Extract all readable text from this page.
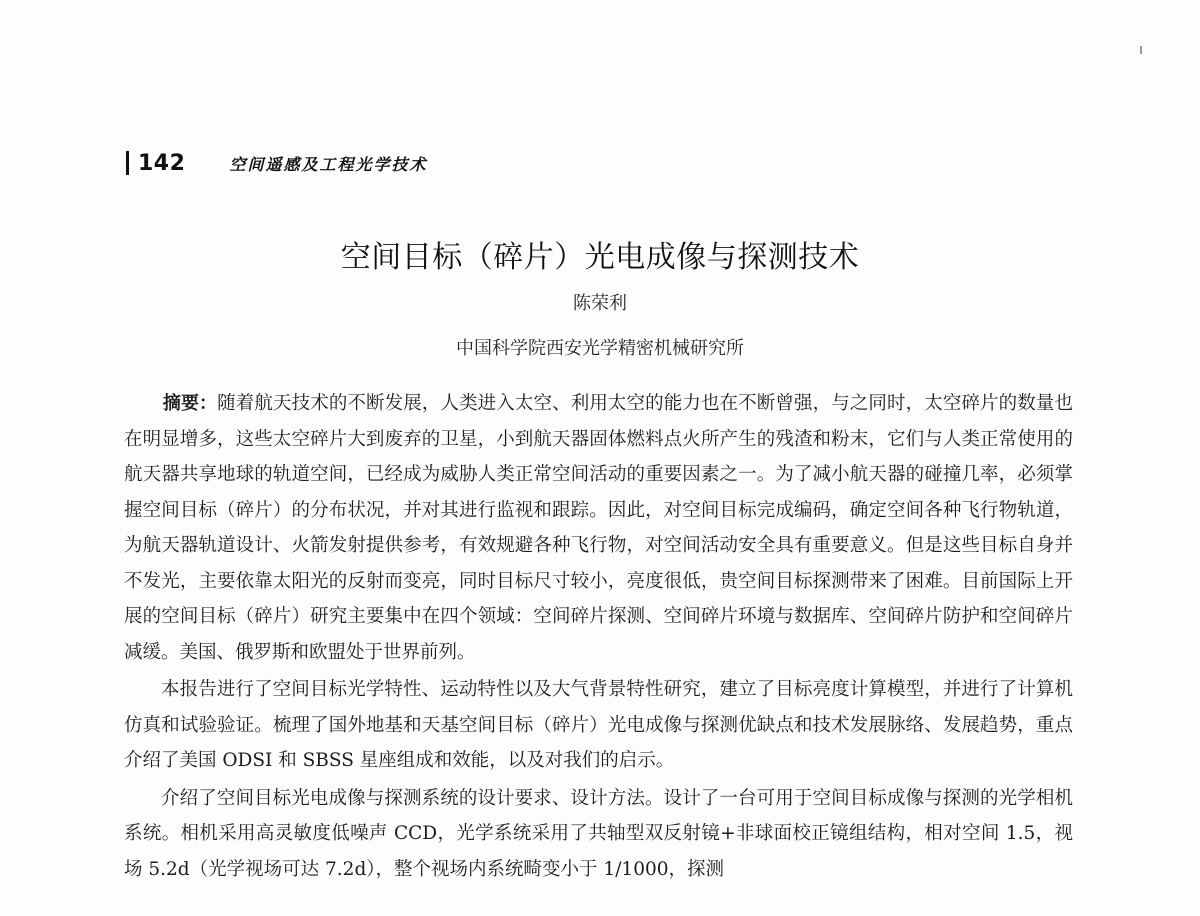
142	空间遥感及工程光学技术
空间目标（碎片）光电成像与探测技术
陈荣利
中国科学院西安光学精密机械研究所

摘要：随着航天技术的不断发展，人类进入太空、利用太空的能力也在不断曾强，与之同时，太空碎片的数量也在明显增多，这些太空碎片大到废弃的卫星，小到航天器固体燃料点火所产生的残渣和粉末，它们与人类正常使用的航天器共享地球的轨道空间，已经成为威胁人类正常空间活动的重要因素之一。为了减小航天器的碰撞几率，必须掌握空间目标（碎片）的分布状况，并对其进行监视和跟踪。因此，对空间目标完成编码，确定空间各种飞行物轨道，为航天器轨道设计、火箭发射提供参考，有效规避各种飞行物，对空间活动安全具有重要意义。但是这些目标自身并不发光，主要依靠太阳光的反射而变亮，同时目标尺寸较小，亮度很低，贵空间目标探测带来了困难。目前国际上开展的空间目标（碎片）研究主要集中在四个领域：空间碎片探测、空间碎片环境与数据库、空间碎片防护和空间碎片减缓。美国、俄罗斯和欧盟处于世界前列。

本报告进行了空间目标光学特性、运动特性以及大气背景特性研究，建立了目标亮度计算模型，并进行了计算机仿真和试验验证。梳理了国外地基和天基空间目标（碎片）光电成像与探测优缺点和技术发展脉络、发展趋势，重点介绍了美国 ODSI 和 SBSS 星座组成和效能，以及对我们的启示。

介绍了空间目标光电成像与探测系统的设计要求、设计方法。设计了一台可用于空间目标成像与探测的光学相机系统。相机采用高灵敏度低噪声 CCD，光学系统采用了共轴型双反射镜+非球面校正镜组结构，相对空间 1.5，视场 5.2d（光学视场可达 7.2d），整个视场内系统畸变小于 1/1000，探测
